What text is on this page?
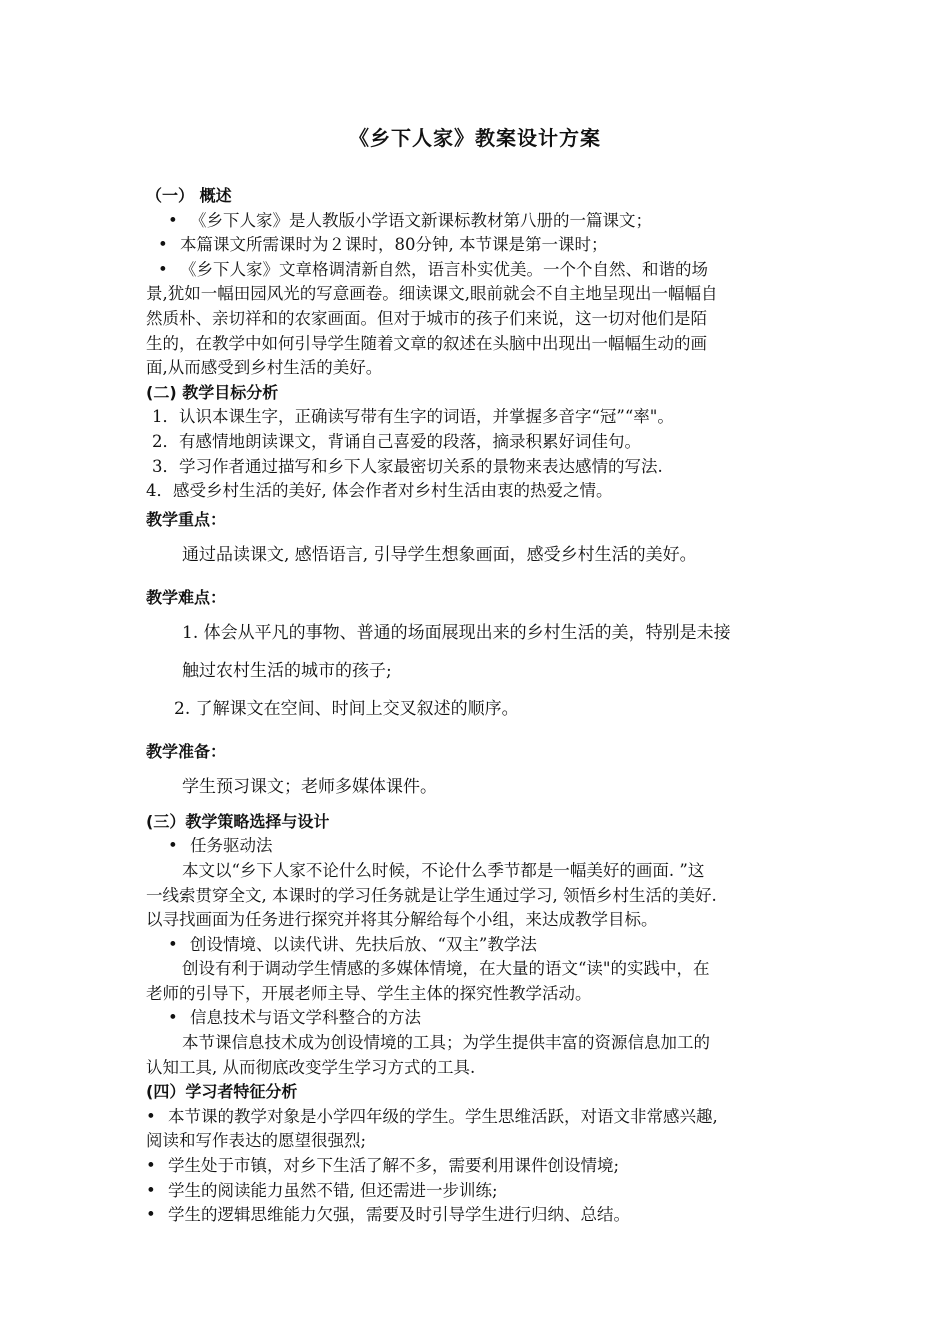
《乡下人家》教案设计方案
（一） 概述
• 《乡下人家》是人教版小学语文新课标教材第八册的一篇课文；
• 本篇课文所需课时为２课时，80分钟, 本节课是第一课时；
• 《乡下人家》文章格调清新自然，语言朴实优美。一个个自然、和谐的场
景,犹如一幅田园风光的写意画卷。细读课文,眼前就会不自主地呈现出一幅幅自
然质朴、亲切祥和的农家画面。但对于城市的孩子们来说，这一切对他们是陌
生的，在教学中如何引导学生随着文章的叙述在头脑中出现出一幅幅生动的画
面,从而感受到乡村生活的美好。
(二) 教学目标分析
1．认识本课生字，正确读写带有生字的词语，并掌握多音字“冠”“率"。
2．有感情地朗读课文，背诵自己喜爱的段落，摘录积累好词佳句。
3．学习作者通过描写和乡下人家最密切关系的景物来表达感情的写法.
4．感受乡村生活的美好, 体会作者对乡村生活由衷的热爱之情。
教学重点：
通过品读课文, 感悟语言, 引导学生想象画面，感受乡村生活的美好。
教学难点：
1. 体会从平凡的事物、普通的场面展现出来的乡村生活的美，特别是未接
触过农村生活的城市的孩子;
2. 了解课文在空间、时间上交叉叙述的顺序。
教学准备：
学生预习课文；老师多媒体课件。
(三）教学策略选择与设计
• 任务驱动法
本文以“乡下人家不论什么时候，不论什么季节都是一幅美好的画面. ”这
一线索贯穿全文, 本课时的学习任务就是让学生通过学习, 领悟乡村生活的美好.
以寻找画面为任务进行探究并将其分解给每个小组，来达成教学目标。
• 创设情境、以读代讲、先扶后放、“双主”教学法
创设有利于调动学生情感的多媒体情境，在大量的语文“读"的实践中，在
老师的引导下，开展老师主导、学生主体的探究性教学活动。
• 信息技术与语文学科整合的方法
本节课信息技术成为创设情境的工具；为学生提供丰富的资源信息加工的
认知工具, 从而彻底改变学生学习方式的工具.
(四）学习者特征分析
• 本节课的教学对象是小学四年级的学生。学生思维活跃，对语文非常感兴趣,
阅读和写作表达的愿望很强烈;
• 学生处于市镇，对乡下生活了解不多，需要利用课件创设情境;
• 学生的阅读能力虽然不错, 但还需进一步训练;
• 学生的逻辑思维能力欠强，需要及时引导学生进行归纳、总结。
